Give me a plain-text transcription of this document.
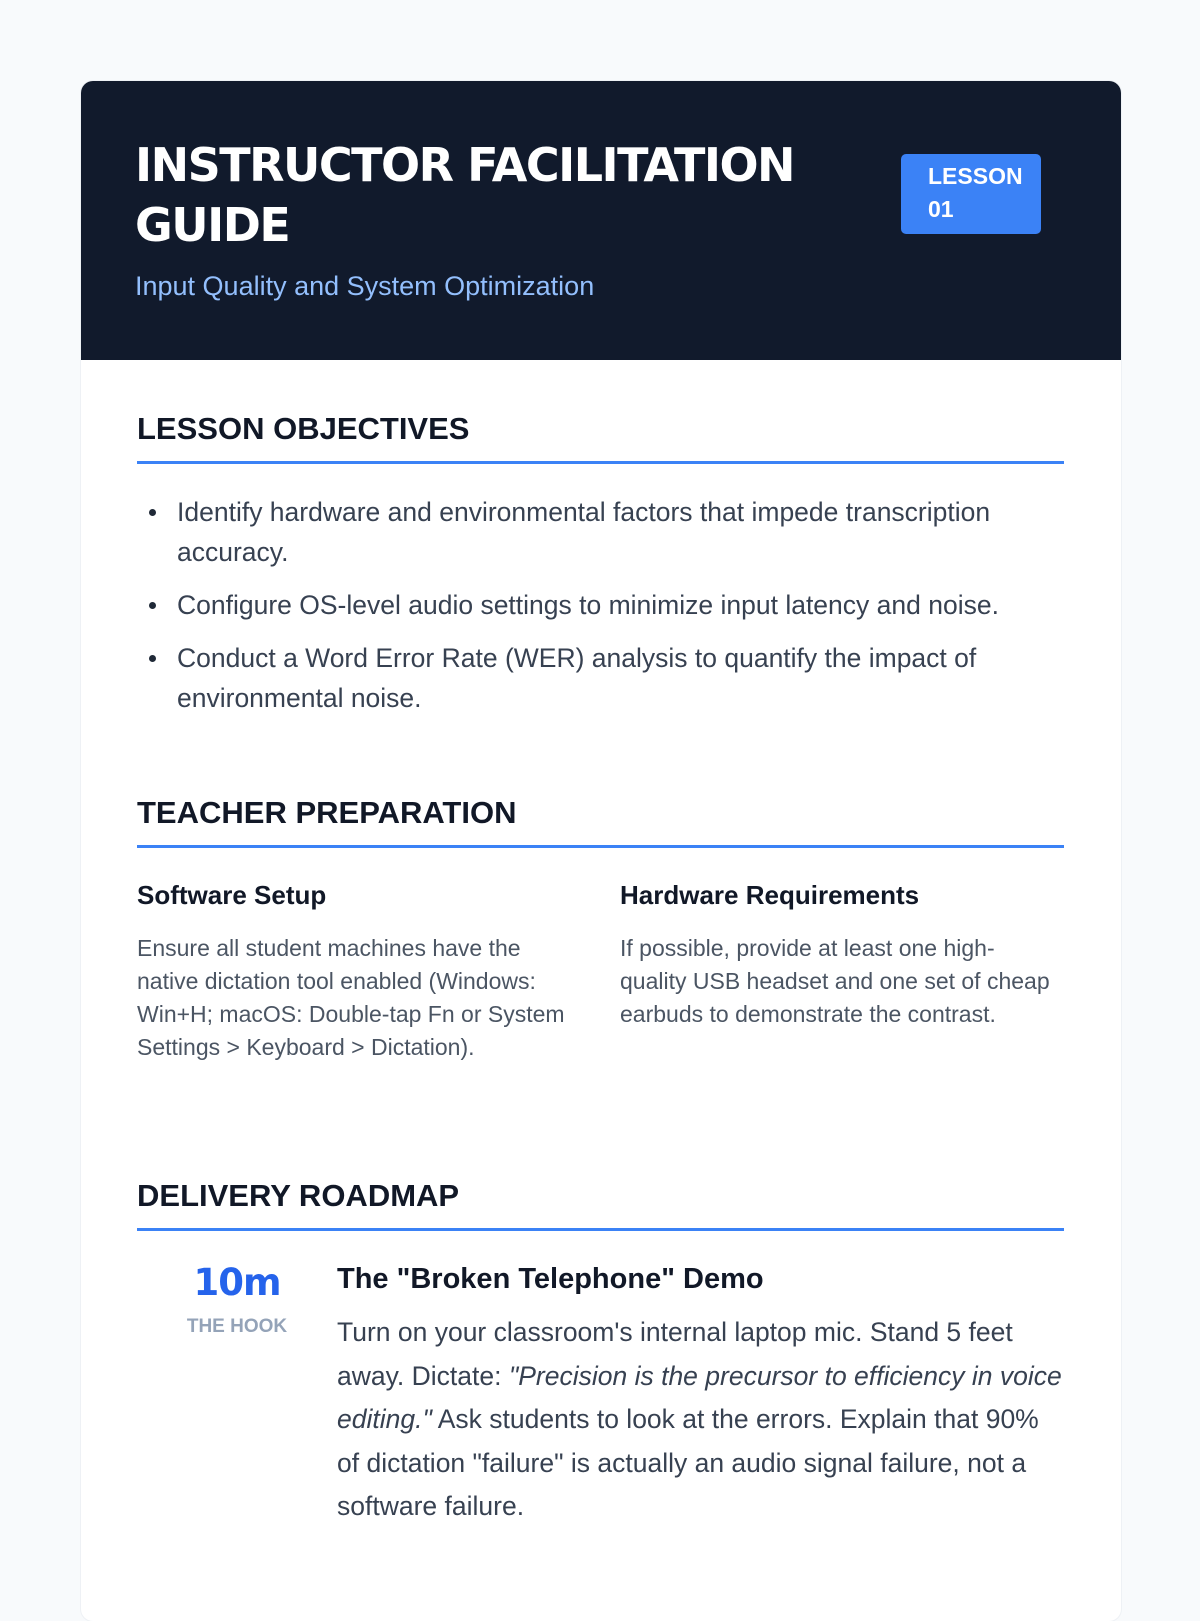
INSTRUCTOR FACILITATION GUIDE

Input Quality and System Optimization

LESSON 01
LESSON OBJECTIVES
Identify hardware and environmental factors that impede transcription accuracy.
Configure OS-level audio settings to minimize input latency and noise.
Conduct a Word Error Rate (WER) analysis to quantify the impact of environmental noise.
TEACHER PREPARATION
Software Setup

Ensure all student machines have the native dictation tool enabled (Windows: Win+H; macOS: Double-tap Fn or System Settings > Keyboard > Dictation).

Hardware Requirements

If possible, provide at least one high-quality USB headset and one set of cheap earbuds to demonstrate the contrast.

DELIVERY ROADMAP
10m
THE HOOK
The "Broken Telephone" Demo

Turn on your classroom's internal laptop mic. Stand 5 feet away. Dictate: "Precision is the precursor to efficiency in voice editing." Ask students to look at the errors. Explain that 90% of dictation "failure" is actually an audio signal failure, not a software failure.
